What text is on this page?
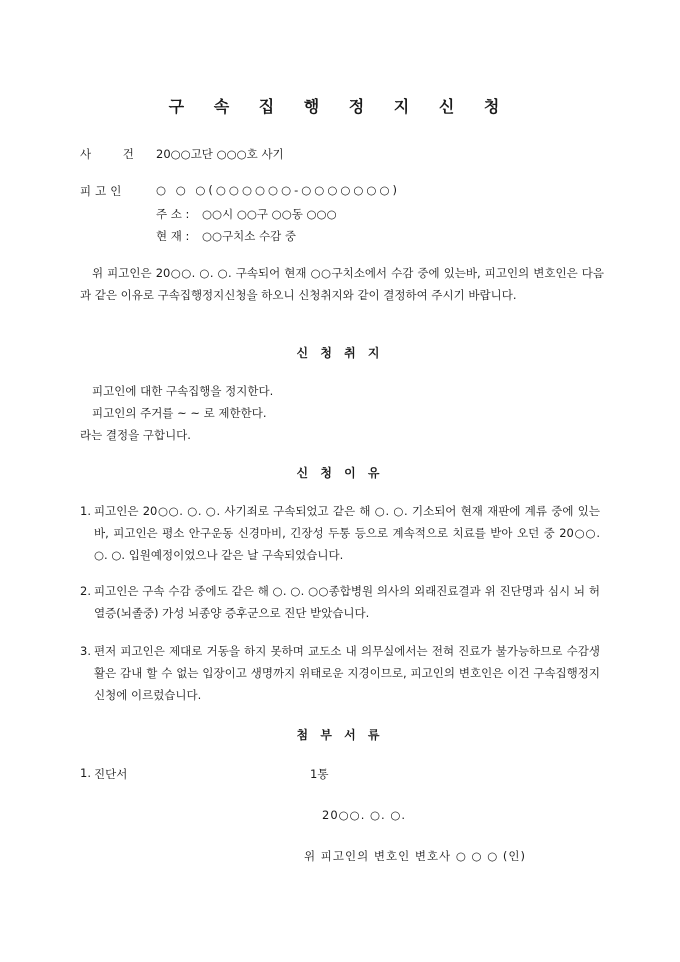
구 속 집 행 정 지 신 청
사 건 20○○고단 ○○○호 사기
피고인	○ ○ ○(○○○○○○-○○○○○○○)
주 소 : ○○시 ○○구 ○○동 ○○○
현 재 : ○○구치소 수감 중
위 피고인은 20○○. ○. ○. 구속되어 현재 ○○구치소에서 수감 중에 있는바, 피고인의 변호인은 다음과 같은 이유로 구속집행정지신청을 하오니 신청취지와 같이 결정하여 주시기 바랍니다.
신 청 취 지
피고인에 대한 구속집행을 정지한다.
피고인의 주거를 ~ ~ 로 제한한다.
라는 결정을 구합니다.
신 청 이 유
1. 피고인은 20○○. ○. ○. 사기죄로 구속되었고 같은 해 ○. ○. 기소되어 현재 재판에 계류 중에 있는바, 피고인은 평소 안구운동 신경마비, 긴장성 두통 등으로 계속적으로 치료를 받아 오던 중 20○○. ○. ○. 입원예정이었으나 같은 날 구속되었습니다.
2. 피고인은 구속 수감 중에도 같은 해 ○. ○. ○○종합병원 의사의 외래진료결과 위 진단명과 심시 뇌 허열증(뇌졸중) 가성 뇌종양 증후군으로 진단 받았습니다.
3. 편저 피고인은 제대로 거동을 하지 못하며 교도소 내 의무실에서는 전혀 진료가 불가능하므로 수감생활은 감내 할 수 없는 입장이고 생명까지 위태로운 지경이므로, 피고인의 변호인은 이건 구속집행정지신청에 이르렀습니다.
첨 부 서 류
1. 진단서	1통
20○○. ○. ○.
위 피고인의 변호인 변호사 ○ ○ ○ (인)
